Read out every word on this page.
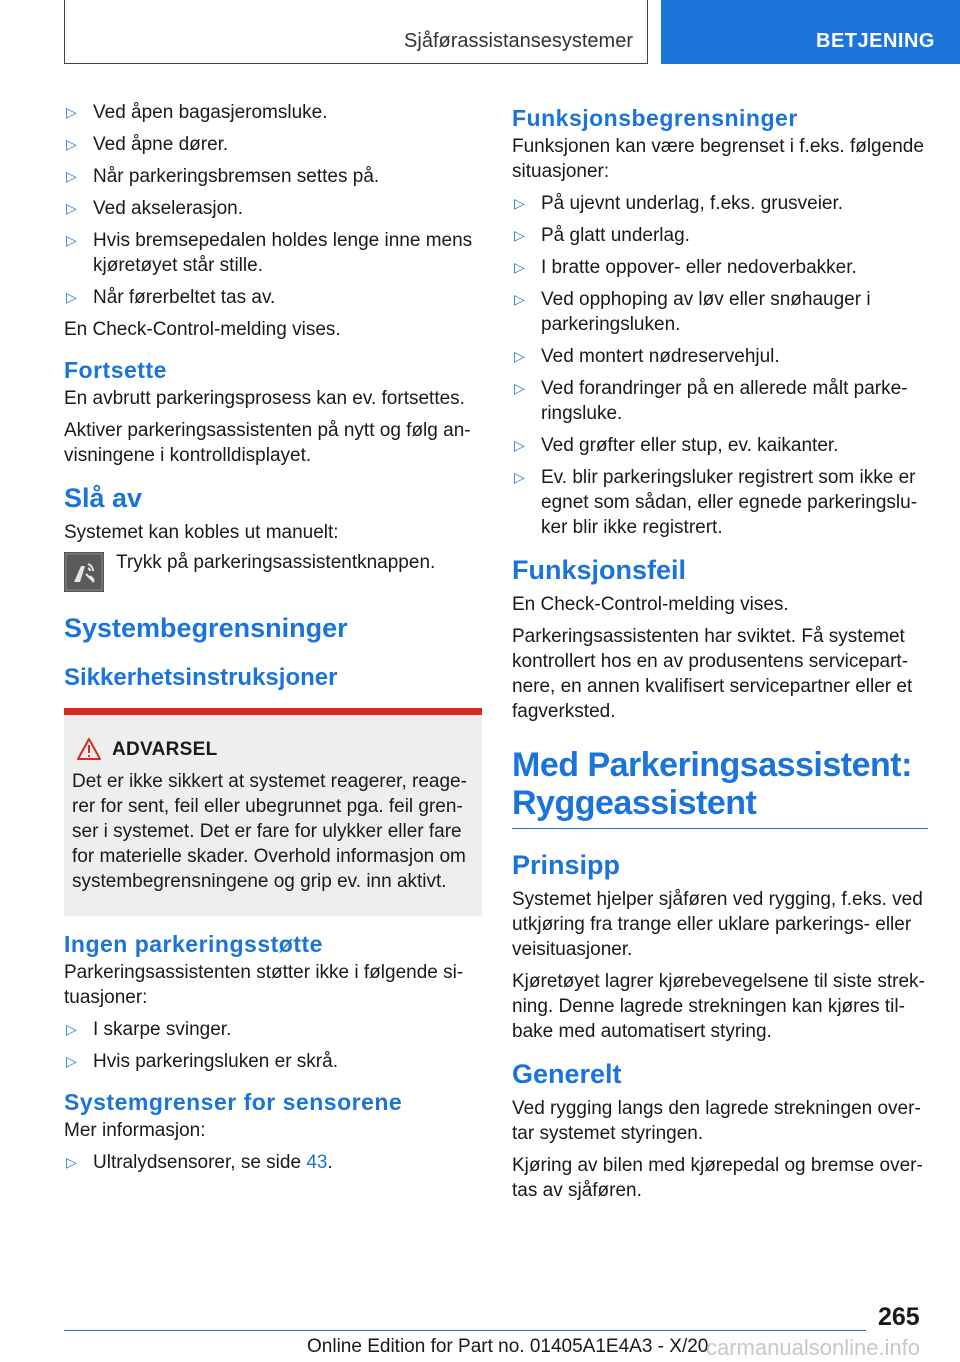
Sjåførassistansesystemer	BETJENING
▷ Ved åpen bagasjeromsluke.
▷ Ved åpne dører.
▷ Når parkeringsbremsen settes på.
▷ Ved akselerasjon.
▷ Hvis bremsepedalen holdes lenge inne mens kjøretøyet står stille.
▷ Når førerbeltet tas av.

En Check-Control-melding vises.

Fortsette

En avbrutt parkeringsprosess kan ev. fortsettes.

Aktiver parkeringsassistenten på nytt og følg anvisningene i kontrolldisplayet.

Slå av

Systemet kan kobles ut manuelt:

Trykk på parkeringsassistentknappen.

Systembegrensninger
Sikkerhetsinstruksjoner
ADVARSEL

Det er ikke sikkert at systemet reagerer, reagerer for sent, feil eller ubegrunnet pga. feil grenser i systemet. Det er fare for ulykker eller fare for materielle skader. Overhold informasjon om systembegrensningene og grip ev. inn aktivt.

Ingen parkeringsstøtte

Parkeringsassistenten støtter ikke i følgende situasjoner:

▷ I skarpe svinger.
▷ Hvis parkeringsluken er skrå.
Systemgrenser for sensorene

Mer informasjon:

▷ Ultralydsensorer, se side 43.
Funksjonsbegrensninger

Funksjonen kan være begrenset i f.eks. følgende situasjoner:

▷ På ujevnt underlag, f.eks. grusveier.
▷ På glatt underlag.
▷ I bratte oppover- eller nedoverbakker.
▷ Ved opphoping av løv eller snøhauger i parkeringsluken.
▷ Ved montert nødreservehjul.
▷ Ved forandringer på en allerede målt parkeringsluke.
▷ Ved grøfter eller stup, ev. kaikanter.
▷ Ev. blir parkeringsluker registrert som ikke er egnet som sådan, eller egnede parkeringsluker blir ikke registrert.
Funksjonsfeil

En Check-Control-melding vises.

Parkeringsassistenten har sviktet. Få systemet kontrollert hos en av produsentens servicepartnere, en annen kvalifisert servicepartner eller et fagverksted.

Med Parkeringsassistent:
Ryggeassistent
Prinsipp

Systemet hjelper sjåføren ved rygging, f.eks. ved utkjøring fra trange eller uklare parkerings- eller veisituasjoner.

Kjøretøyet lagrer kjørebevegelsene til siste strekning. Denne lagrede strekningen kan kjøres tilbake med automatisert styring.

Generelt

Ved rygging langs den lagrede strekningen overtar systemet styringen.

Kjøring av bilen med kjørepedal og bremse overtas av sjåføren.

265
Online Edition for Part no. 01405A1E4A3 - X/20
carmanualsonline.info
